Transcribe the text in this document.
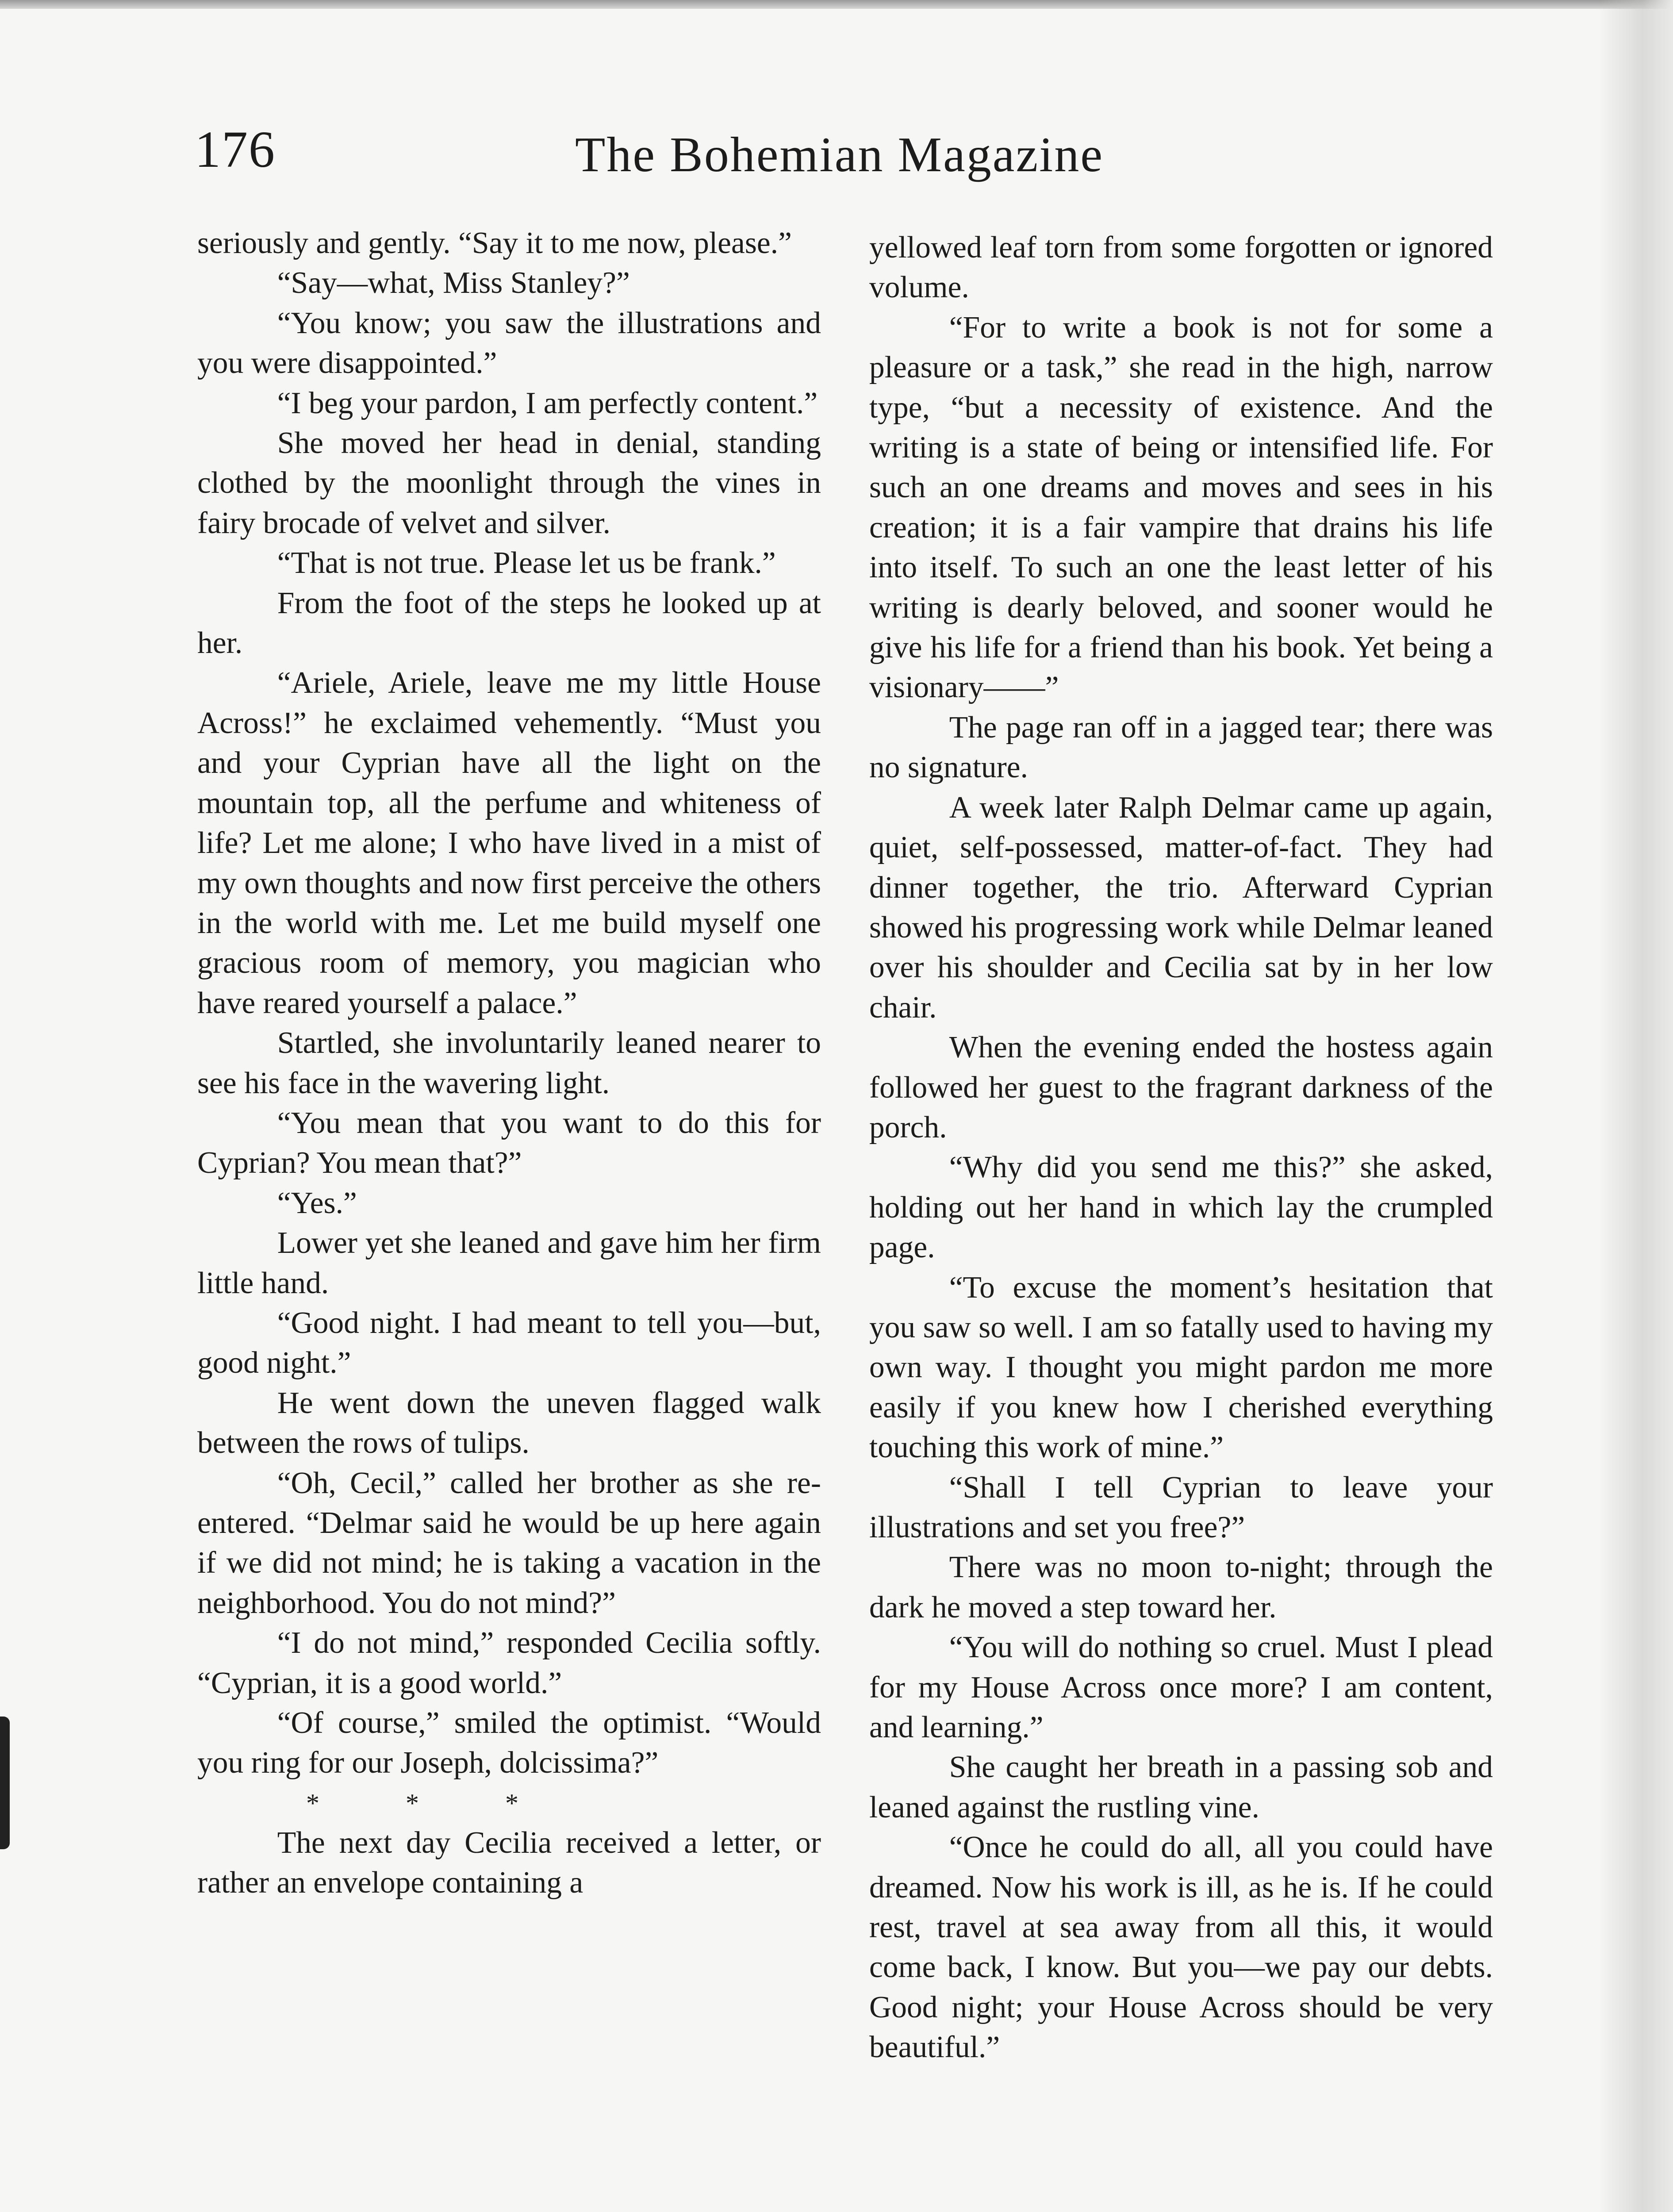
176	The Bohemian Magazine

seriously and gently. “Say it to me now, please.”

“Say—what, Miss Stanley?”

“You know; you saw the illustrations and you were disappointed.”

“I beg your pardon, I am perfectly content.”

She moved her head in denial, standing clothed by the moonlight through the vines in fairy brocade of velvet and silver.

“That is not true. Please let us be frank.”

From the foot of the steps he looked up at her.

“Ariele, Ariele, leave me my little House Across!” he exclaimed vehemently. “Must you and your Cyprian have all the light on the mountain top, all the perfume and whiteness of life? Let me alone; I who have lived in a mist of my own thoughts and now first perceive the others in the world with me. Let me build myself one gracious room of memory, you magician who have reared yourself a palace.”

Startled, she involuntarily leaned nearer to see his face in the wavering light.

“You mean that you want to do this for Cyprian? You mean that?”

“Yes.”

Lower yet she leaned and gave him her firm little hand.

“Good night. I had meant to tell you—but, good night.”

He went down the uneven flagged walk between the rows of tulips.

“Oh, Cecil,” called her brother as she re-entered. “Delmar said he would be up here again if we did not mind; he is taking a vacation in the neighborhood. You do not mind?”

“I do not mind,” responded Cecilia softly. “Cyprian, it is a good world.”

“Of course,” smiled the optimist. “Would you ring for our Joseph, dolcissima?”

* * *

The next day Cecilia received a letter, or rather an envelope containing a

yellowed leaf torn from some forgotten or ignored volume.

“For to write a book is not for some a pleasure or a task,” she read in the high, narrow type, “but a necessity of existence. And the writing is a state of being or intensified life. For such an one dreams and moves and sees in his creation; it is a fair vampire that drains his life into itself. To such an one the least letter of his writing is dearly beloved, and sooner would he give his life for a friend than his book. Yet being a visionary——”

The page ran off in a jagged tear; there was no signature.

A week later Ralph Delmar came up again, quiet, self-possessed, matter-of-fact. They had dinner together, the trio. Afterward Cyprian showed his progressing work while Delmar leaned over his shoulder and Cecilia sat by in her low chair.

When the evening ended the hostess again followed her guest to the fragrant darkness of the porch.

“Why did you send me this?” she asked, holding out her hand in which lay the crumpled page.

“To excuse the moment’s hesitation that you saw so well. I am so fatally used to having my own way. I thought you might pardon me more easily if you knew how I cherished everything touching this work of mine.”

“Shall I tell Cyprian to leave your illustrations and set you free?”

There was no moon to-night; through the dark he moved a step toward her.

“You will do nothing so cruel. Must I plead for my House Across once more? I am content, and learning.”

She caught her breath in a passing sob and leaned against the rustling vine.

“Once he could do all, all you could have dreamed. Now his work is ill, as he is. If he could rest, travel at sea away from all this, it would come back, I know. But you—we pay our debts. Good night; your House Across should be very beautiful.”
